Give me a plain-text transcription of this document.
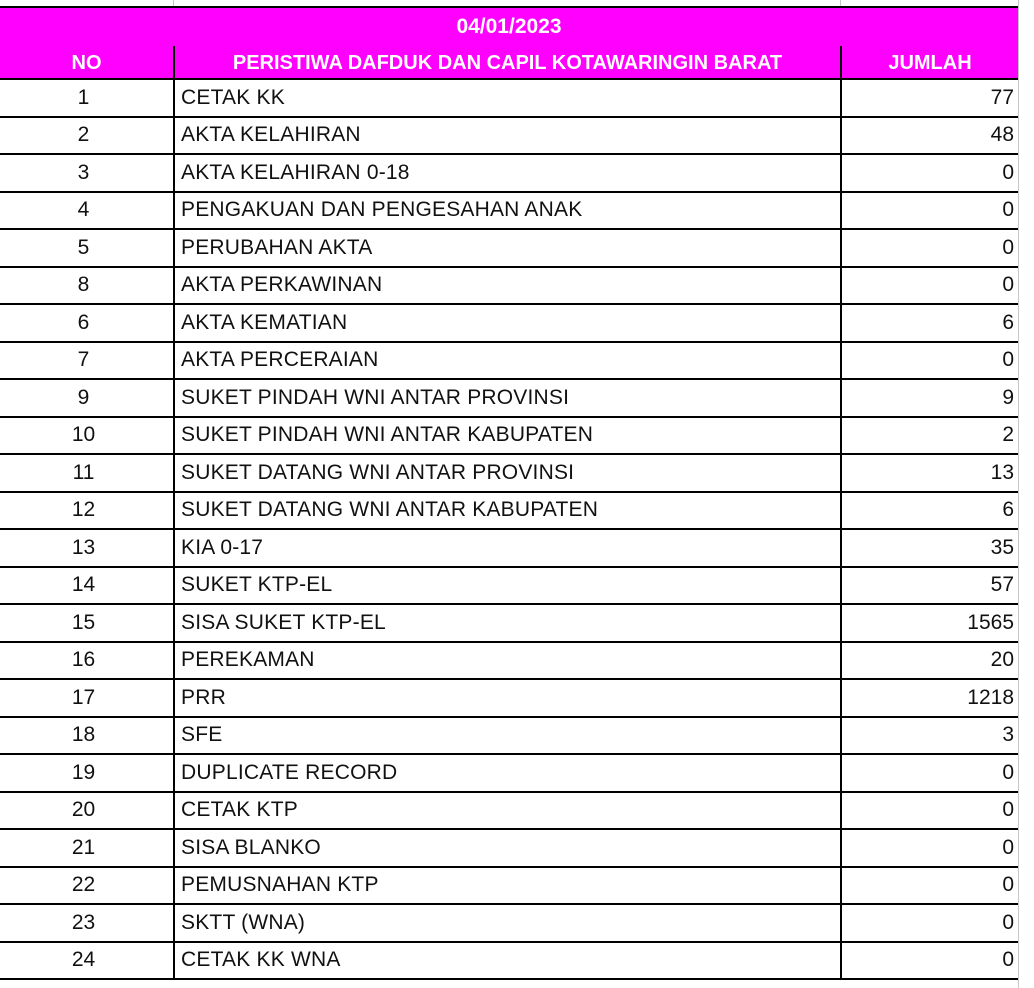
04/01/2023
NO	PERISTIWA DAFDUK DAN CAPIL KOTAWARINGIN BARAT	JUMLAH
1	CETAK KK	77
2	AKTA KELAHIRAN	48
3	AKTA KELAHIRAN 0-18	0
4	PENGAKUAN DAN PENGESAHAN ANAK	0
5	PERUBAHAN AKTA	0
8	AKTA PERKAWINAN	0
6	AKTA KEMATIAN	6
7	AKTA PERCERAIAN	0
9	SUKET PINDAH WNI ANTAR PROVINSI	9
10	SUKET PINDAH WNI ANTAR KABUPATEN	2
11	SUKET DATANG WNI ANTAR PROVINSI	13
12	SUKET DATANG WNI ANTAR KABUPATEN	6
13	KIA 0-17	35
14	SUKET KTP-EL	57
15	SISA SUKET KTP-EL	1565
16	PEREKAMAN	20
17	PRR	1218
18	SFE	3
19	DUPLICATE RECORD	0
20	CETAK KTP	0
21	SISA BLANKO	0
22	PEMUSNAHAN KTP	0
23	SKTT (WNA)	0
24	CETAK KK WNA	0
